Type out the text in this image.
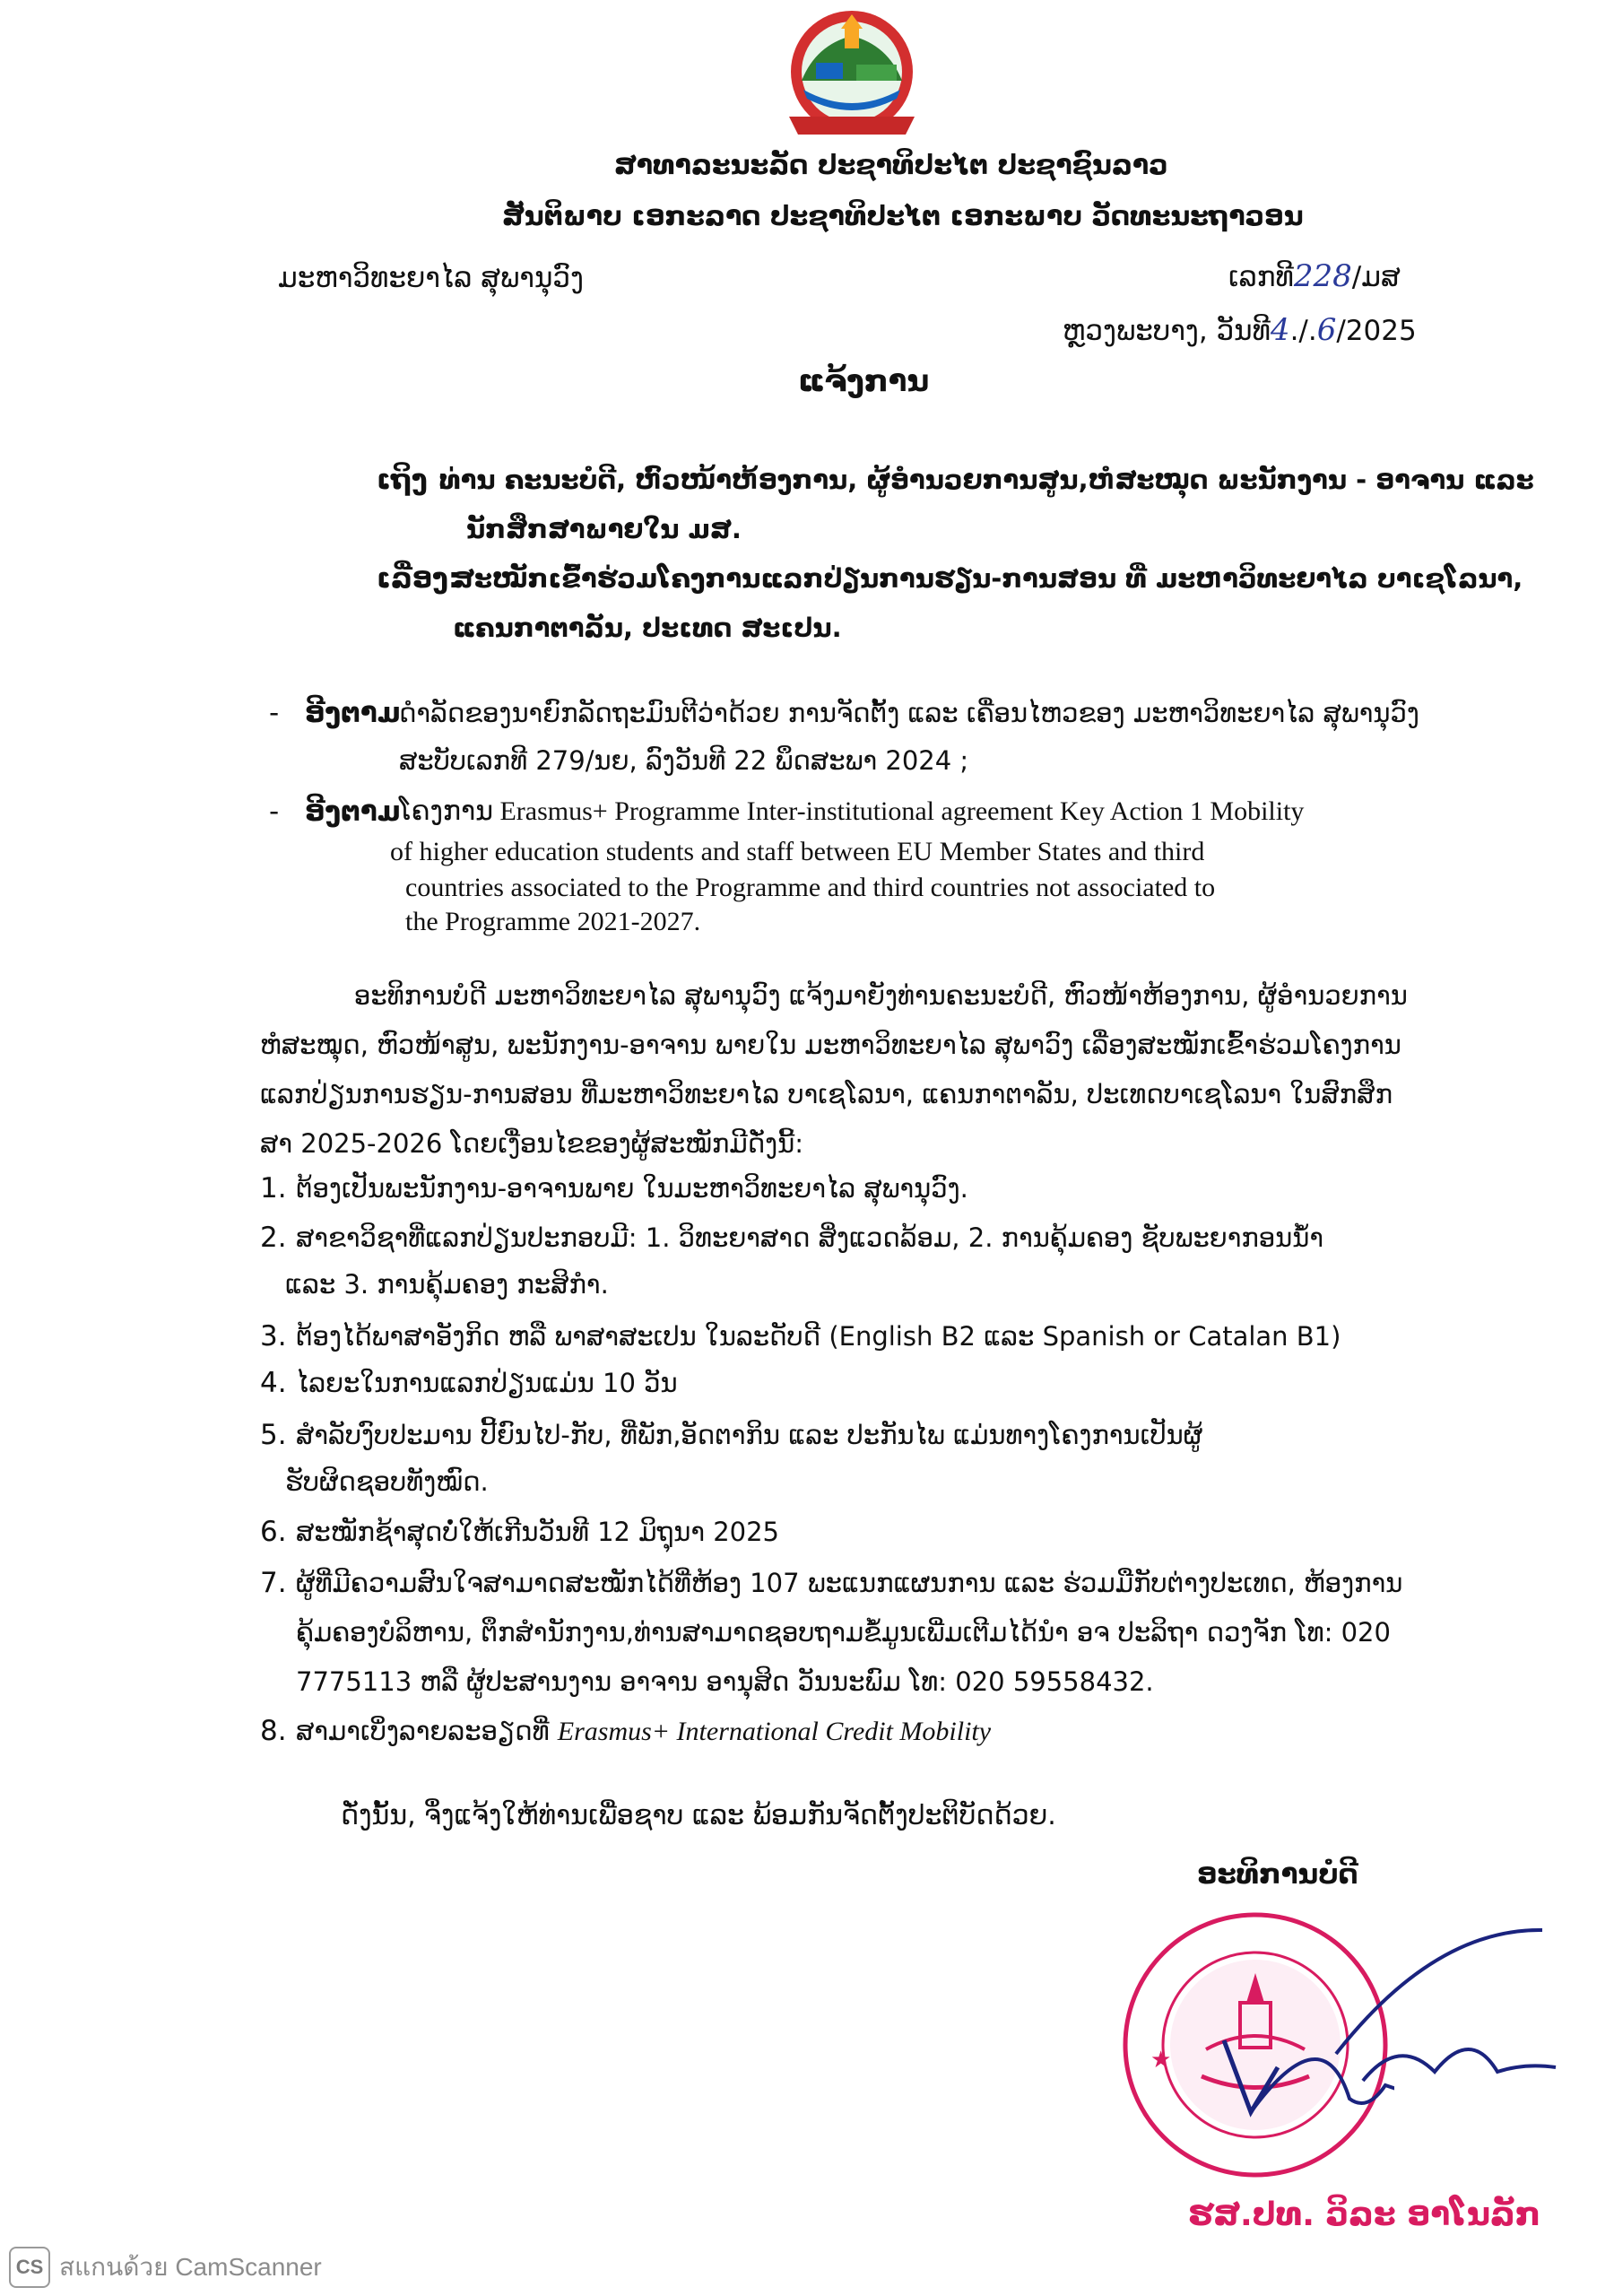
ສາທາລະນະລັດ ປະຊາທິປະໄຕ ປະຊາຊົນລາວ
ສັນຕິພາບ ເອກະລາດ ປະຊາທິປະໄຕ ເອກະພາບ ວັດທະນະຖາວອນ
ມະຫາວິທະຍາໄລ ສຸພານຸວົງ	ເລກທີ228/ມສ
ຫຼວງພະບາງ, ວັນທີ4./.6/2025
ແຈ້ງການ
ເຖິງ :
ທ່ານ ຄະນະບໍດີ, ຫົວໜ້າຫ້ອງການ, ຜູ້ອໍານວຍການສູນ,ຫໍສະໝຸດ ພະນັກງານ - ອາຈານ ແລະ
ນັກສຶກສາພາຍໃນ ມສ.
ເລື່ອງ:
ສະໝັກເຂົ້າຮ່ວມໂຄງການແລກປ່ຽນການຮຽນ-ການສອນ ທີ່ ມະຫາວິທະຍາໄລ ບາເຊໂລນາ,
ແຄນກາຕາລັນ, ປະເທດ ສະເປນ.
- ອີງຕາມ
ດໍາລັດຂອງນາຍົກລັດຖະມົນຕີວ່າດ້ວຍ ການຈັດຕັ້ງ ແລະ ເຄື່ອນໄຫວຂອງ ມະຫາວິທະຍາໄລ ສຸພານຸວົງ
ສະບັບເລກທີ 279/ນຍ, ລົງວັນທີ 22 ພຶດສະພາ 2024 ;
- ອີງຕາມ
ໂຄງການ Erasmus+ Programme Inter-institutional agreement Key Action 1 Mobility
of higher education students and staff between EU Member States and third
countries associated to the Programme and third countries not associated to
the Programme 2021-2027.
ອະທິການບໍດີ ມະຫາວິທະຍາໄລ ສຸພານຸວົງ ແຈ້ງມາຍັງທ່ານຄະນະບໍດີ, ຫົວໜ້າຫ້ອງການ, ຜູ້ອໍານວຍການ
ຫໍສະໝຸດ, ຫົວໜ້າສູນ, ພະນັກງານ-ອາຈານ ພາຍໃນ ມະຫາວິທະຍາໄລ ສຸພາວົງ ເລື່ອງສະໝັກເຂົ້າຮ່ວມໂຄງການ
ແລກປ່ຽນການຮຽນ-ການສອນ ທີ່ມະຫາວິທະຍາໄລ ບາເຊໂລນາ, ແຄນກາຕາລັນ, ປະເທດບາເຊໂລນາ ໃນສົກສຶກ
ສາ 2025-2026 ໂດຍເງື່ອນໄຂຂອງຜູ້ສະໝັກມີດັ່ງນີ້:
1. ຕ້ອງເປັນພະນັກງານ-ອາຈານພາຍ ໃນມະຫາວິທະຍາໄລ ສຸພານຸວົງ.
2. ສາຂາວິຊາທີ່ແລກປ່ຽນປະກອບມີ: 1. ວິທະຍາສາດ ສິ່ງແວດລ້ອມ, 2. ການຄຸ້ມຄອງ ຊັບພະຍາກອນນໍ້າ
ແລະ 3. ການຄຸ້ມຄອງ ກະສິກໍາ.
3. ຕ້ອງໄດ້ພາສາອັງກິດ ຫລື ພາສາສະເປນ ໃນລະດັບດີ (English B2 ແລະ Spanish or Catalan B1)
4. ໄລຍະໃນການແລກປ່ຽນແມ່ນ 10 ວັນ
5. ສໍາລັບງົບປະມານ ປີ້ຍົນໄປ-ກັບ, ທີ່ພັກ,ອັດຕາກິນ ແລະ ປະກັນໄພ ແມ່ນທາງໂຄງການເປັນຜູ້
ຮັບຜິດຊອບທັງໝົດ.
6. ສະໝັກຊ້າສຸດບໍ່ໃຫ້ເກີນວັນທີ 12 ມິຖຸນາ 2025
7. ຜູ້ທີ່ມີຄວາມສົນໃຈສາມາດສະໝັກໄດ້ທີ່ຫ້ອງ 107 ພະແນກແຜນການ ແລະ ຮ່ວມມືກັບຕ່າງປະເທດ, ຫ້ອງການ
ຄຸ້ມຄອງບໍລິຫານ, ຕຶກສໍານັກງານ,ທ່ານສາມາດຊອບຖາມຂໍ້ມູນເພີ່ມເຕີມໄດ້ນໍາ ອຈ ປະລິຖາ ດວງຈັກ ໂທ: 020
7775113 ຫລື ຜູ້ປະສານງານ ອາຈານ ອານຸສິດ ວັນນະພົມ ໂທ: 020 59558432.
8. ສາມາເບິ່ງລາຍລະອຽດທີ່ Erasmus+ International Credit Mobility
ດັ່ງນັ້ນ, ຈຶ່ງແຈ້ງໃຫ້ທ່ານເພື່ອຊາບ ແລະ ພ້ອມກັນຈັດຕັ້ງປະຕິບັດດ້ວຍ.
ອະທິການບໍດີ
★
ຮສ.ປທ. ວິລະ ອາໂນລັກ
CS สแกนด้วย CamScanner
